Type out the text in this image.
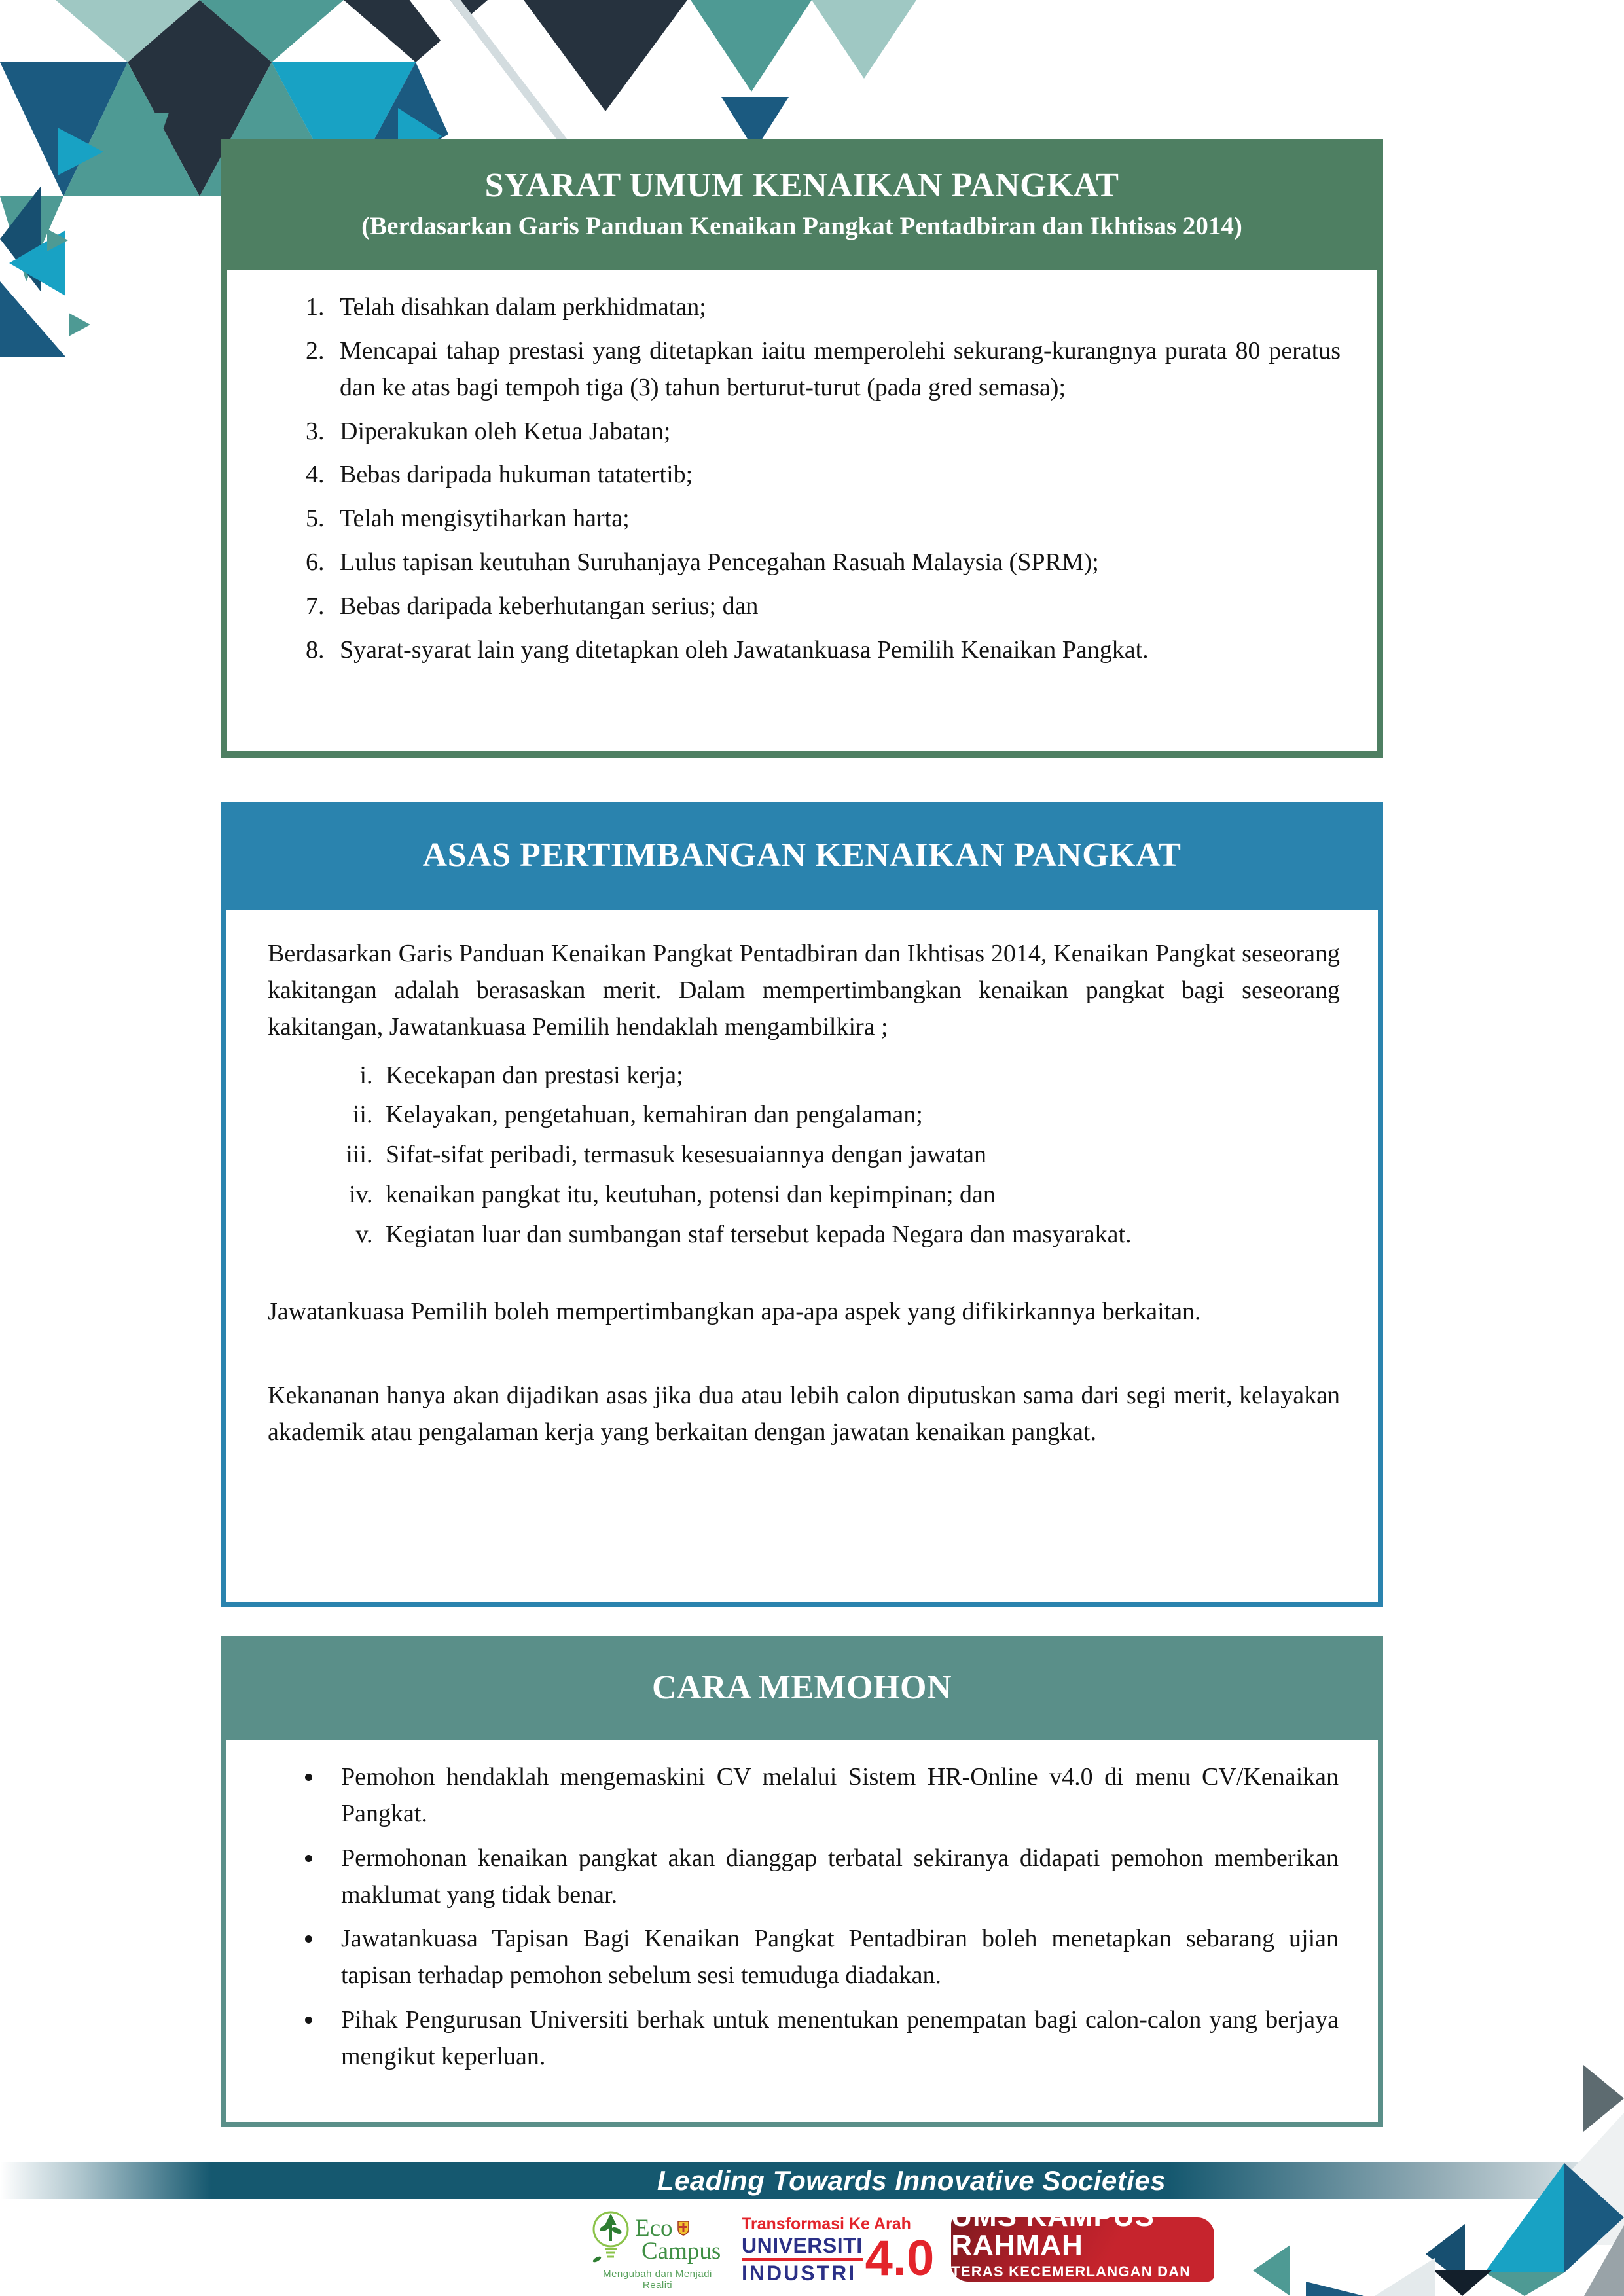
SYARAT UMUM KENAIKAN PANGKAT
(Berdasarkan Garis Panduan Kenaikan Pangkat Pentadbiran dan Ikhtisas 2014)
1. Telah disahkan dalam perkhidmatan;
2. Mencapai tahap prestasi yang ditetapkan iaitu memperolehi sekurang-kurangnya purata 80 peratus dan ke atas bagi tempoh tiga (3) tahun berturut-turut (pada gred semasa);
3. Diperakukan oleh Ketua Jabatan;
4. Bebas daripada hukuman tatatertib;
5. Telah mengisytiharkan harta;
6. Lulus tapisan keutuhan Suruhanjaya Pencegahan Rasuah Malaysia (SPRM);
7. Bebas daripada keberhutangan serius; dan
8. Syarat-syarat lain yang ditetapkan oleh Jawatankuasa Pemilih Kenaikan Pangkat.
ASAS PERTIMBANGAN KENAIKAN PANGKAT

Berdasarkan Garis Panduan Kenaikan Pangkat Pentadbiran dan Ikhtisas 2014, Kenaikan Pangkat seseorang kakitangan adalah berasaskan merit. Dalam mempertimbangkan kenaikan pangkat bagi seseorang kakitangan, Jawatankuasa Pemilih hendaklah mengambilkira ;

i. Kecekapan dan prestasi kerja;
ii. Kelayakan, pengetahuan, kemahiran dan pengalaman;
iii. Sifat-sifat peribadi, termasuk kesesuaiannya dengan jawatan
iv. kenaikan pangkat itu, keutuhan, potensi dan kepimpinan; dan
v. Kegiatan luar dan sumbangan staf tersebut kepada Negara dan masyarakat.

Jawatankuasa Pemilih boleh mempertimbangkan apa-apa aspek yang difikirkannya berkaitan.

Kekananan hanya akan dijadikan asas jika dua atau lebih calon diputuskan sama dari segi merit, kelayakan akademik atau pengalaman kerja yang berkaitan dengan jawatan kenaikan pangkat.

CARA MEMOHON
• Pemohon hendaklah mengemaskini CV melalui Sistem HR-Online v4.0 di menu CV/Kenaikan Pangkat.
• Permohonan kenaikan pangkat akan dianggap terbatal sekiranya didapati pemohon memberikan maklumat yang tidak benar.
• Jawatankuasa Tapisan Bagi Kenaikan Pangkat Pentadbiran boleh menetapkan sebarang ujian tapisan terhadap pemohon sebelum sesi temuduga diadakan.
• Pihak Pengurusan Universiti berhak untuk menentukan penempatan bagi calon-calon yang berjaya mengikut keperluan.
Leading Towards Innovative Societies
Eco
Campus
Mengubah dan Menjadi Realiti
Transformasi Ke Arah
UNIVERSITI
INDUSTRI 4.0
UMS KAMPUS RAHMAH
TERAS KECEMERLANGAN DAN KEUNGGULAN
